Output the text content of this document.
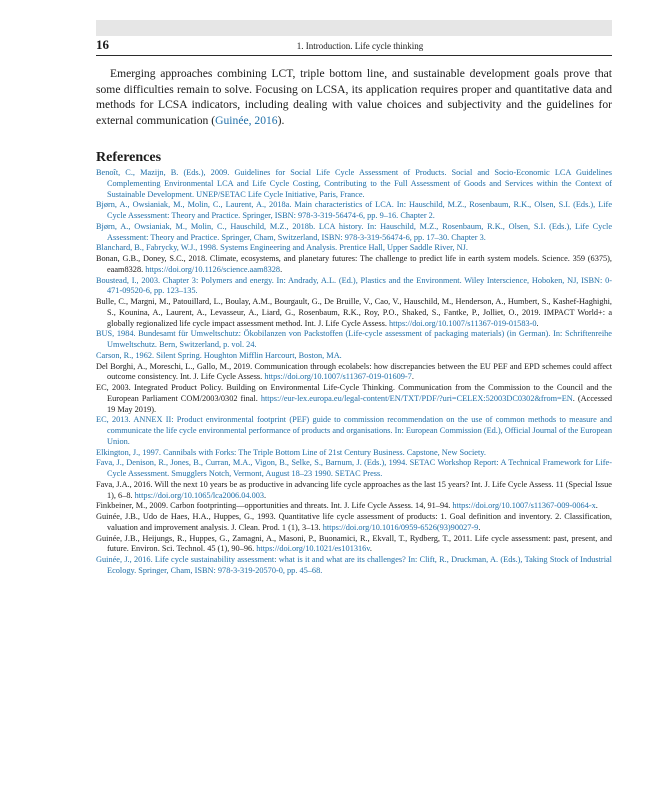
16	1. Introduction. Life cycle thinking

Emerging approaches combining LCT, triple bottom line, and sustainable development goals prove that some difficulties remain to solve. Focusing on LCSA, its application requires proper and quantitative data and methods for LCSA indicators, including dealing with value choices and subjectivity and the guidelines for external communication (Guinée, 2016).

References
Benoît, C., Mazijn, B. (Eds.), 2009. Guidelines for Social Life Cycle Assessment of Products. Social and Socio-Economic LCA Guidelines Complementing Environmental LCA and Life Cycle Costing, Contributing to the Full Assessment of Goods and Services within the Context of Sustainable Development. UNEP/SETAC Life Cycle Initiative, Paris, France.
Bjørn, A., Owsianiak, M., Molin, C., Laurent, A., 2018a. Main characteristics of LCA. In: Hauschild, M.Z., Rosenbaum, R.K., Olsen, S.I. (Eds.), Life Cycle Assessment: Theory and Practice. Springer, ISBN: 978-3-319-56474-6, pp. 9–16. Chapter 2.
Bjørn, A., Owsianiak, M., Molin, C., Hauschild, M.Z., 2018b. LCA history. In: Hauschild, M.Z., Rosenbaum, R.K., Olsen, S.I. (Eds.), Life Cycle Assessment: Theory and Practice. Springer, Cham, Switzerland, ISBN: 978-3-319-56474-6, pp. 17–30. Chapter 3.
Blanchard, B., Fabrycky, W.J., 1998. Systems Engineering and Analysis. Prentice Hall, Upper Saddle River, NJ.
Bonan, G.B., Doney, S.C., 2018. Climate, ecosystems, and planetary futures: The challenge to predict life in earth system models. Science. 359 (6375), eaam8328. https://doi.org/10.1126/science.aam8328.
Boustead, I., 2003. Chapter 3: Polymers and energy. In: Andrady, A.L. (Ed.), Plastics and the Environment. Wiley Interscience, Hoboken, NJ, ISBN: 0-471-09520-6, pp. 123–135.
Bulle, C., Margni, M., Patouillard, L., Boulay, A.M., Bourgault, G., De Bruille, V., Cao, V., Hauschild, M., Henderson, A., Humbert, S., Kashef-Haghighi, S., Kounina, A., Laurent, A., Levasseur, A., Liard, G., Rosenbaum, R.K., Roy, P.O., Shaked, S., Fantke, P., Jolliet, O., 2019. IMPACT World+: a globally regionalized life cycle impact assessment method. Int. J. Life Cycle Assess. https://doi.org/10.1007/s11367-019-01583-0.
BUS, 1984. Bundesamt für Umweltschutz: Ökobilanzen von Packstoffen (Life-cycle assessment of packaging materials) (in German). In: Schriftenreihe Umweltschutz. Bern, Switzerland, p. vol. 24.
Carson, R., 1962. Silent Spring. Houghton Mifflin Harcourt, Boston, MA.
Del Borghi, A., Moreschi, L., Gallo, M., 2019. Communication through ecolabels: how discrepancies between the EU PEF and EPD schemes could affect outcome consistency. Int. J. Life Cycle Assess. https://doi.org/10.1007/s11367-019-01609-7.
EC, 2003. Integrated Product Policy. Building on Environmental Life-Cycle Thinking. Communication from the Commission to the Council and the European Parliament COM/2003/0302 final. https://eur-lex.europa.eu/legal-content/EN/TXT/PDF/?uri=CELEX:52003DC0302&from=EN. (Accessed 19 May 2019).
EC, 2013. ANNEX II: Product environmental footprint (PEF) guide to commission recommendation on the use of common methods to measure and communicate the life cycle environmental performance of products and organisations. In: European Commission (Ed.), Official Journal of the European Union.
Elkington, J., 1997. Cannibals with Forks: The Triple Bottom Line of 21st Century Business. Capstone, New Society.
Fava, J., Denison, R., Jones, B., Curran, M.A., Vigon, B., Selke, S., Barnum, J. (Eds.), 1994. SETAC Workshop Report: A Technical Framework for Life-Cycle Assessment. Smugglers Notch, Vermont, August 18–23 1990. SETAC Press.
Fava, J.A., 2016. Will the next 10 years be as productive in advancing life cycle approaches as the last 15 years? Int. J. Life Cycle Assess. 11 (Special Issue 1), 6–8. https://doi.org/10.1065/lca2006.04.003.
Finkbeiner, M., 2009. Carbon footprinting—opportunities and threats. Int. J. Life Cycle Assess. 14, 91–94. https://doi.org/10.1007/s11367-009-0064-x.
Guinée, J.B., Udo de Haes, H.A., Huppes, G., 1993. Quantitative life cycle assessment of products: 1. Goal definition and inventory. 2. Classification, valuation and improvement analysis. J. Clean. Prod. 1 (1), 3–13. https://doi.org/10.1016/0959-6526(93)90027-9.
Guinée, J.B., Heijungs, R., Huppes, G., Zamagni, A., Masoni, P., Buonamici, R., Ekvall, T., Rydberg, T., 2011. Life cycle assessment: past, present, and future. Environ. Sci. Technol. 45 (1), 90–96. https://doi.org/10.1021/es101316v.
Guinée, J., 2016. Life cycle sustainability assessment: what is it and what are its challenges? In: Clift, R., Druckman, A. (Eds.), Taking Stock of Industrial Ecology. Springer, Cham, ISBN: 978-3-319-20570-0, pp. 45–68.
